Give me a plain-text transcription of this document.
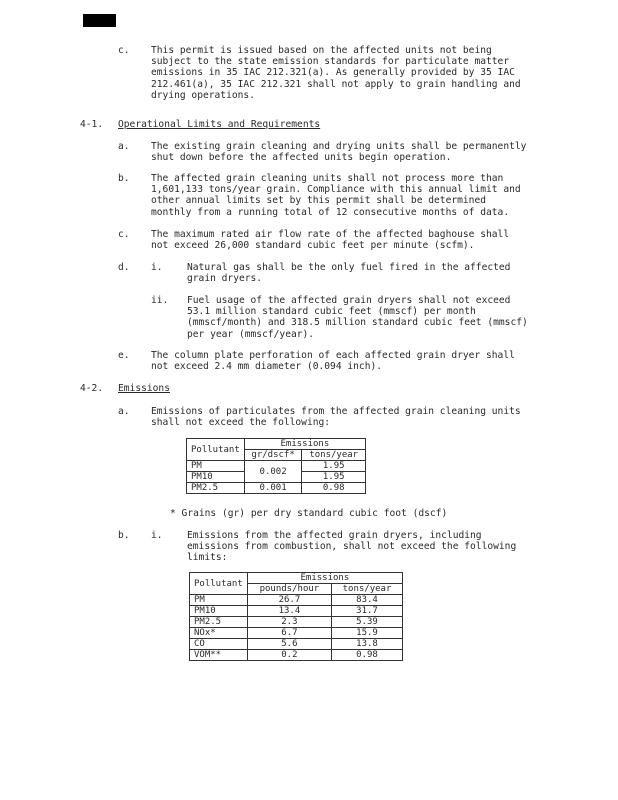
c. This permit is issued based on the affected units not being
subject to the state emission standards for particulate matter
emissions in 35 IAC 212.321(a). As generally provided by 35 IAC
212.461(a), 35 IAC 212.321 shall not apply to grain handling and
drying operations.
4-1. Operational Limits and Requirements
a. The existing grain cleaning and drying units shall be permanently
shut down before the affected units begin operation.
b. The affected grain cleaning units shall not process more than
1,601,133 tons/year grain. Compliance with this annual limit and
other annual limits set by this permit shall be determined
monthly from a running total of 12 consecutive months of data.
c. The maximum rated air flow rate of the affected baghouse shall
not exceed 26,000 standard cubic feet per minute (scfm).
d. i.	Natural gas shall be the only fuel fired in the affected
grain dryers.
ii. Fuel usage of the affected grain dryers shall not exceed
53.1 million standard cubic feet (mmscf) per month
(mmscf/month) and 318.5 million standard cubic feet (mmscf)
per year (mmscf/year).
e. The column plate perforation of each affected grain dryer shall
not exceed 2.4 mm diameter (0.094 inch).
4-2. Emissions
a. Emissions of particulates from the affected grain cleaning units
shall not exceed the following:
Pollutant	Emissions	
	gr/dscf*	tons/year
PM	0.002	1.95
PM10		1.95
PM2.5	0.001	0.98
* Grains (gr) per dry standard cubic foot (dscf)
b. i.	Emissions from the affected grain dryers, including
emissions from combustion, shall not exceed the following
limits:
Pollutant	Emissions	
	pounds/hour	tons/year
PM	26.7	83.4
PM10	13.4	31.7
PM2.5	2.3	5.39
NOx*	6.7	15.9
CO	5.6	13.8
VOM**	0.2	0.98
